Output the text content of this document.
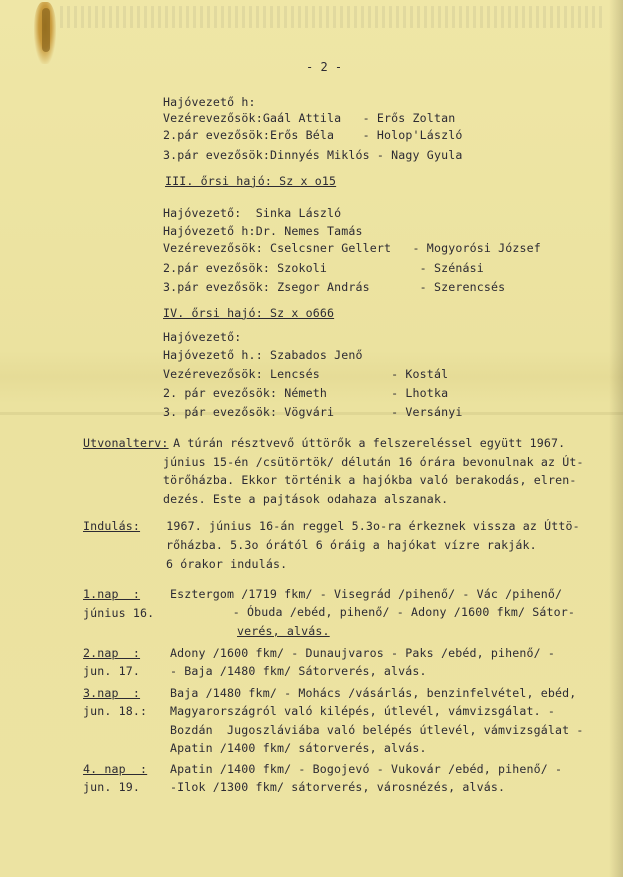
- 2 -
Hajóvezető h:
Vezérevezősök:Gaál Attila   - Erős Zoltan
2.pár evezősök:Erős Béla    - Holop'László
3.pár evezősök:Dinnyés Miklós - Nagy Gyula
III. őrsi hajó: Sz x o15
Hajóvezető:  Sinka László
Hajóvezető h:Dr. Nemes Tamás
Vezérevezősök: Cselcsner Gellert   - Mogyorósi József
2.pár evezősök: Szokoli             - Szénási
3.pár evezősök: Zsegor András       - Szerencsés
IV. őrsi hajó: Sz x o666
Hajóvezető:
Hajóvezető h.: Szabados Jenő
Vezérevezősök: Lencsés          - Kostál
2. pár evezősök: Németh         - Lhotka
3. pár evezősök: Vögvári        - Versányi
Utvonalterv:
A túrán résztvevő úttörők a felszereléssel együtt 1967.
június 15-én /csütörtök/ délután 16 órára bevonulnak az Út-
törőházba. Ekkor történik a hajókba való berakodás, elren-
dezés. Este a pajtások odahaza alszanak.
Indulás: 1967. június 16-án reggel 5.3o-ra érkeznek vissza az Úttö-
rőházba. 5.3o órától 6 óráig a hajókat vízre rakják.
6 órakor indulás.
1.nap  :
június 16.
Esztergom /1719 fkm/ - Visegrád /pihenő/ - Vác /pihenő/
- Óbuda /ebéd, pihenő/ - Adony /1600 fkm/ Sátor-
verés, alvás.
2.nap  :
jun. 17.
Adony /1600 fkm/ - Dunaujvaros - Paks /ebéd, pihenő/ -
- Baja /1480 fkm/ Sátorverés, alvás.
3.nap  :
jun. 18.:
Baja /1480 fkm/ - Mohács /vásárlás, benzinfelvétel, ebéd,
Magyarországról való kilépés, útlevél, vámvizsgálat. -
Bozdán  Jugoszláviába való belépés útlevél, vámvizsgálat -
Apatin /1400 fkm/ sátorverés, alvás.
4. nap  :
jun. 19.
Apatin /1400 fkm/ - Bogojevó - Vukovár /ebéd, pihenő/ -
-Ilok /1300 fkm/ sátorverés, városnézés, alvás.
